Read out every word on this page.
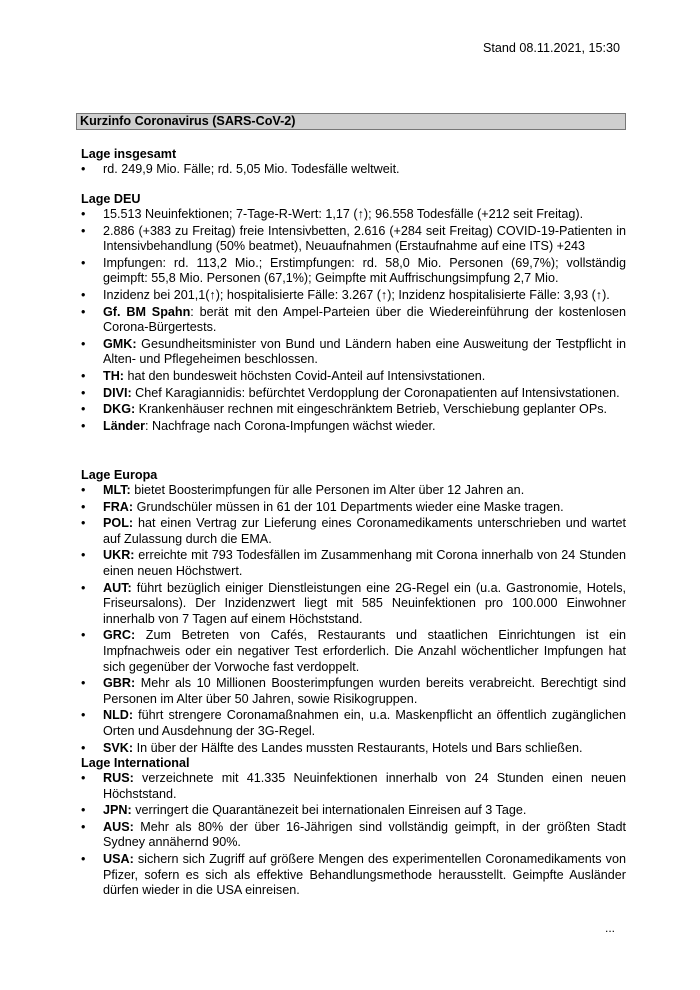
Stand 08.11.2021, 15:30
Kurzinfo Coronavirus (SARS-CoV-2)

Lage insgesamt

• rd. 249,9 Mio. Fälle; rd. 5,05 Mio. Todesfälle weltweit.

Lage DEU

• 15.513 Neuinfektionen; 7-Tage-R-Wert: 1,17 (↑); 96.558 Todesfälle (+212 seit Freitag).
• 2.886 (+383 zu Freitag) freie Intensivbetten, 2.616 (+284 seit Freitag) COVID-19-Patienten in Intensivbehandlung (50% beatmet), Neuaufnahmen (Erstaufnahme auf eine ITS) +243
• Impfungen: rd. 113,2 Mio.; Erstimpfungen: rd. 58,0 Mio. Personen (69,7%); vollständig geimpft: 55,8 Mio. Personen (67,1%); Geimpfte mit Auffrischungsimpfung 2,7 Mio.
• Inzidenz bei 201,1(↑); hospitalisierte Fälle: 3.267 (↑); Inzidenz hospitalisierte Fälle: 3,93 (↑).
• Gf. BM Spahn: berät mit den Ampel-Parteien über die Wiedereinführung der kostenlosen Corona-Bürgertests.
• GMK: Gesundheitsminister von Bund und Ländern haben eine Ausweitung der Testpflicht in Alten- und Pflegeheimen beschlossen.
• TH: hat den bundesweit höchsten Covid-Anteil auf Intensivstationen.
• DIVI: Chef Karagiannidis: befürchtet Verdopplung der Coronapatienten auf Intensivstationen.
• DKG: Krankenhäuser rechnen mit eingeschränktem Betrieb, Verschiebung geplanter OPs.
• Länder: Nachfrage nach Corona-Impfungen wächst wieder.

Lage Europa

• MLT: bietet Boosterimpfungen für alle Personen im Alter über 12 Jahren an.
• FRA: Grundschüler müssen in 61 der 101 Departments wieder eine Maske tragen.
• POL: hat einen Vertrag zur Lieferung eines Coronamedikaments unterschrieben und wartet auf Zulassung durch die EMA.
• UKR: erreichte mit 793 Todesfällen im Zusammenhang mit Corona innerhalb von 24 Stunden einen neuen Höchstwert.
• AUT: führt bezüglich einiger Dienstleistungen eine 2G-Regel ein (u.a. Gastronomie, Hotels, Friseursalons). Der Inzidenzwert liegt mit 585 Neuinfektionen pro 100.000 Einwohner innerhalb von 7 Tagen auf einem Höchststand.
• GRC: Zum Betreten von Cafés, Restaurants und staatlichen Einrichtungen ist ein Impfnachweis oder ein negativer Test erforderlich. Die Anzahl wöchentlicher Impfungen hat sich gegenüber der Vorwoche fast verdoppelt.
• GBR: Mehr als 10 Millionen Boosterimpfungen wurden bereits verabreicht. Berechtigt sind Personen im Alter über 50 Jahren, sowie Risikogruppen.
• NLD: führt strengere Coronamaßnahmen ein, u.a. Maskenpflicht an öffentlich zugänglichen Orten und Ausdehnung der 3G-Regel.
• SVK: In über der Hälfte des Landes mussten Restaurants, Hotels und Bars schließen.

Lage International

• RUS: verzeichnete mit 41.335 Neuinfektionen innerhalb von 24 Stunden einen neuen Höchststand.
• JPN: verringert die Quarantänezeit bei internationalen Einreisen auf 3 Tage.
• AUS: Mehr als 80% der über 16-Jährigen sind vollständig geimpft, in der größten Stadt Sydney annähernd 90%.
• USA: sichern sich Zugriff auf größere Mengen des experimentellen Coronamedikaments von Pfizer, sofern es sich als effektive Behandlungsmethode herausstellt. Geimpfte Ausländer dürfen wieder in die USA einreisen.
...
